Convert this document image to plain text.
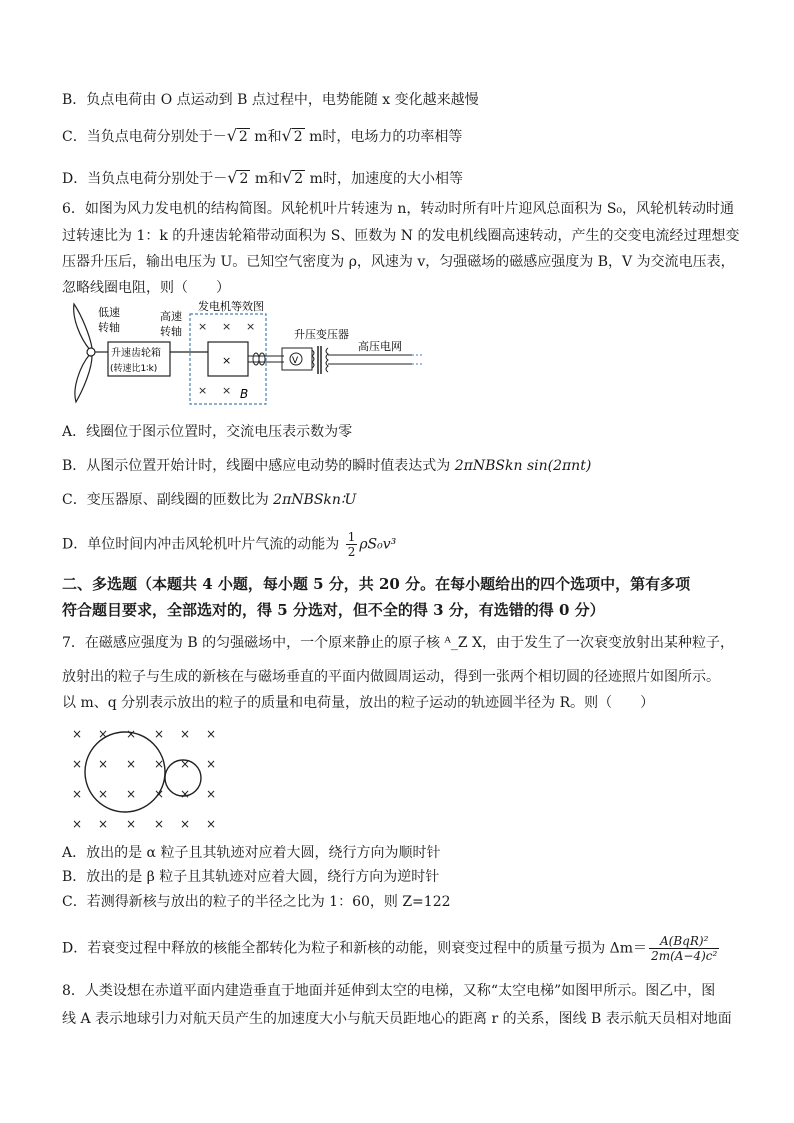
B．负点电荷由 O 点运动到 B 点过程中，电势能随 x 变化越来越慢
C．当负点电荷分别处于－√ 2 m和√ 2 m时，电场力的功率相等
D．当负点电荷分别处于－√ 2 m和√ 2 m时，加速度的大小相等
6．如图为风力发电机的结构简图。风轮机叶片转速为 n，转动时所有叶片迎风总面积为 S₀，风轮机转动时通
过转速比为 1：k 的升速齿轮箱带动面积为 S、匝数为 N 的发电机线圈高速转动，产生的交变电流经过理想变
压器升压后，输出电压为 U。已知空气密度为 ρ，风速为 v，匀强磁场的磁感应强度为 B，V 为交流电压表，
忽略线圈电阻，则（　　）
低速
转轴
升速齿轮箱
(转速比1∶k)
高速
转轴
发电机等效图
× × ×
× × B
×	V
升压变压器
高压电网
A．线圈位于图示位置时，交流电压表示数为零
B．从图示位置开始计时，线圈中感应电动势的瞬时值表达式为 2πNBSkn sin(2πnt)
C．变压器原、副线圈的匝数比为 2πNBSkn∶U
D．单位时间内冲击风轮机叶片气流的动能为 $\frac{1}{2} \rho S_0v^3$
二、多选题（本题共 4 小题，每小题 5 分，共 20 分。在每小题给出的四个选项中，第有多项
符合题目要求，全部选对的，得 5 分选对，但不全的得 3 分，有选错的得 0 分）
7．在磁感应强度为 B 的匀强磁场中，一个原来静止的原子核 ᴬ_Z X，由于发生了一次衰变放射出某种粒子，
放射出的粒子与生成的新核在与磁场垂直的平面内做圆周运动，得到一张两个相切圆的径迹照片如图所示。
以 m、q 分别表示放出的粒子的质量和电荷量，放出的粒子运动的轨迹圆半径为 R。则（　　）
× × × × × ×
× × × × × ×
× × × × × ×
× × × × × ×
A．放出的是 α 粒子且其轨迹对应着大圆，绕行方向为顺时针
B．放出的是 β 粒子且其轨迹对应着大圆，绕行方向为逆时针
C．若测得新核与放出的粒子的半径之比为 1：60，则 Z=122
D．若衰变过程中释放的核能全都转化为粒子和新核的动能，则衰变过程中的质量亏损为 $\Delta m= \frac{\text{A(BqR)²}}{\text{2m(A−4)c²}}$
8．人类设想在赤道平面内建造垂直于地面并延伸到太空的电梯，又称“太空电梯”如图甲所示。图乙中，图
线 A 表示地球引力对航天员产生的加速度大小与航天员距地心的距离 r 的关系，图线 B 表示航天员相对地面
